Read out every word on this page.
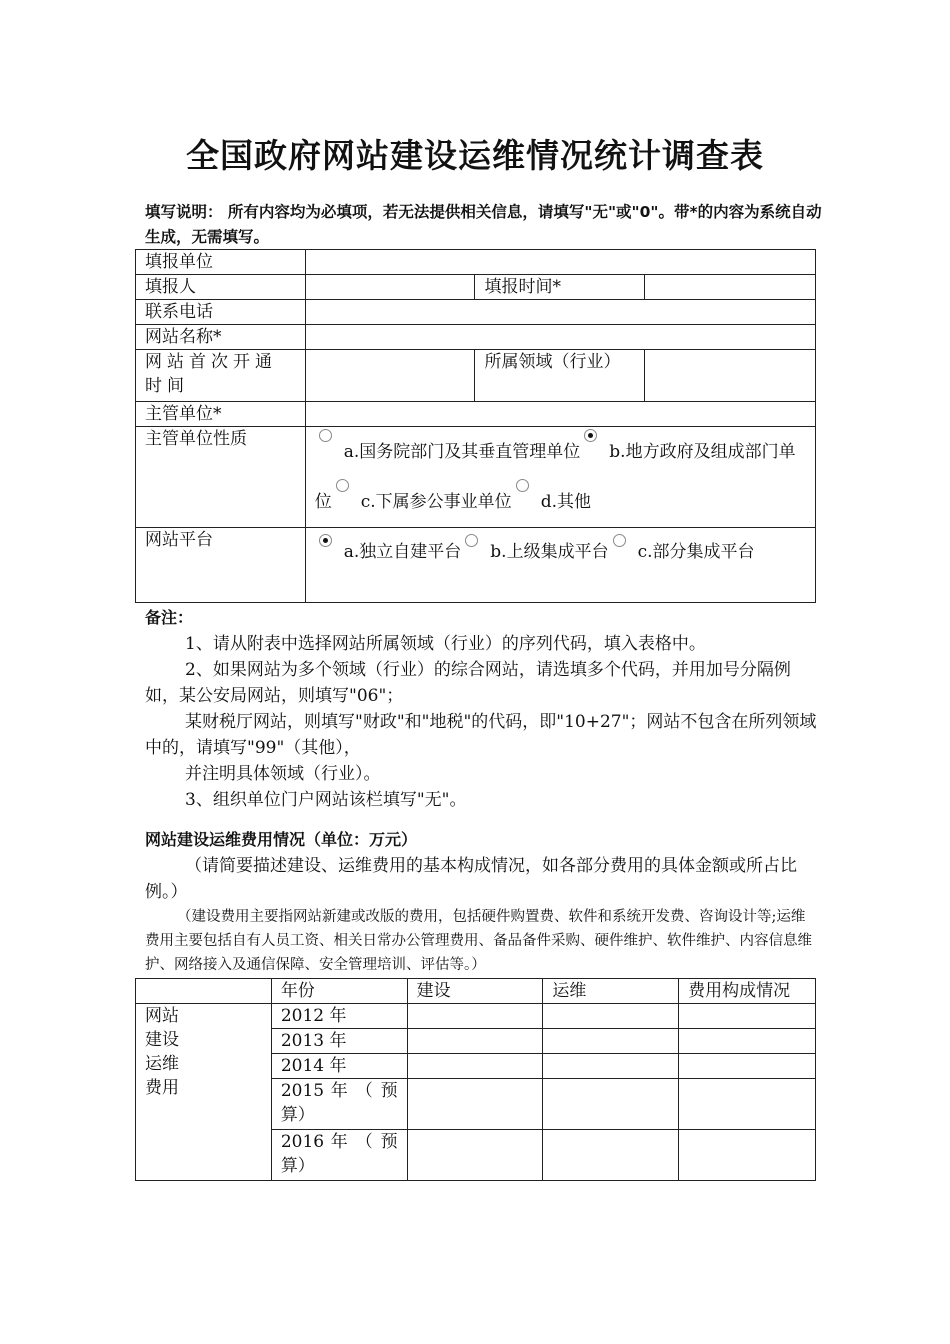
全国政府网站建设运维情况统计调查表
填写说明： 所有内容均为必填项，若无法提供相关信息，请填写"无"或"0"。带*的内容为系统自动生成，无需填写。
填报单位			
填报人		填报时间*	
联系电话			
网站名称*			
网站首次开通时间		所属领域（行业）	
主管单位*			
主管单位性质	a.国务院部门及其垂直管理单位 b.地方政府及组成部门单位 c.下属参公事业单位 d.其他		
网站平台	a.独立自建平台 b.上级集成平台 c.部分集成平台		
备注：
1、请从附表中选择网站所属领域（行业）的序列代码，填入表格中。
2、如果网站为多个领域（行业）的综合网站，请选填多个代码，并用加号分隔例如，某公安局网站，则填写"06"；
某财税厅网站，则填写"财政"和"地税"的代码，即"10+27"；网站不包含在所列领域中的，请填写"99"（其他），
并注明具体领域（行业）。
3、组织单位门户网站该栏填写"无"。
网站建设运维费用情况（单位：万元）
（请简要描述建设、运维费用的基本构成情况，如各部分费用的具体金额或所占比例。）
（建设费用主要指网站新建或改版的费用，包括硬件购置费、软件和系统开发费、咨询设计等;运维费用主要包括自有人员工资、相关日常办公管理费用、备品备件采购、硬件维护、软件维护、内容信息维护、网络接入及通信保障、安全管理培训、评估等。）
	年份	建设	运维	费用构成情况

网站建设运维费用	2012 年			
	2013 年			
	2014 年			
	2015 年 （ 预算）			
	2016 年 （ 预算）			
